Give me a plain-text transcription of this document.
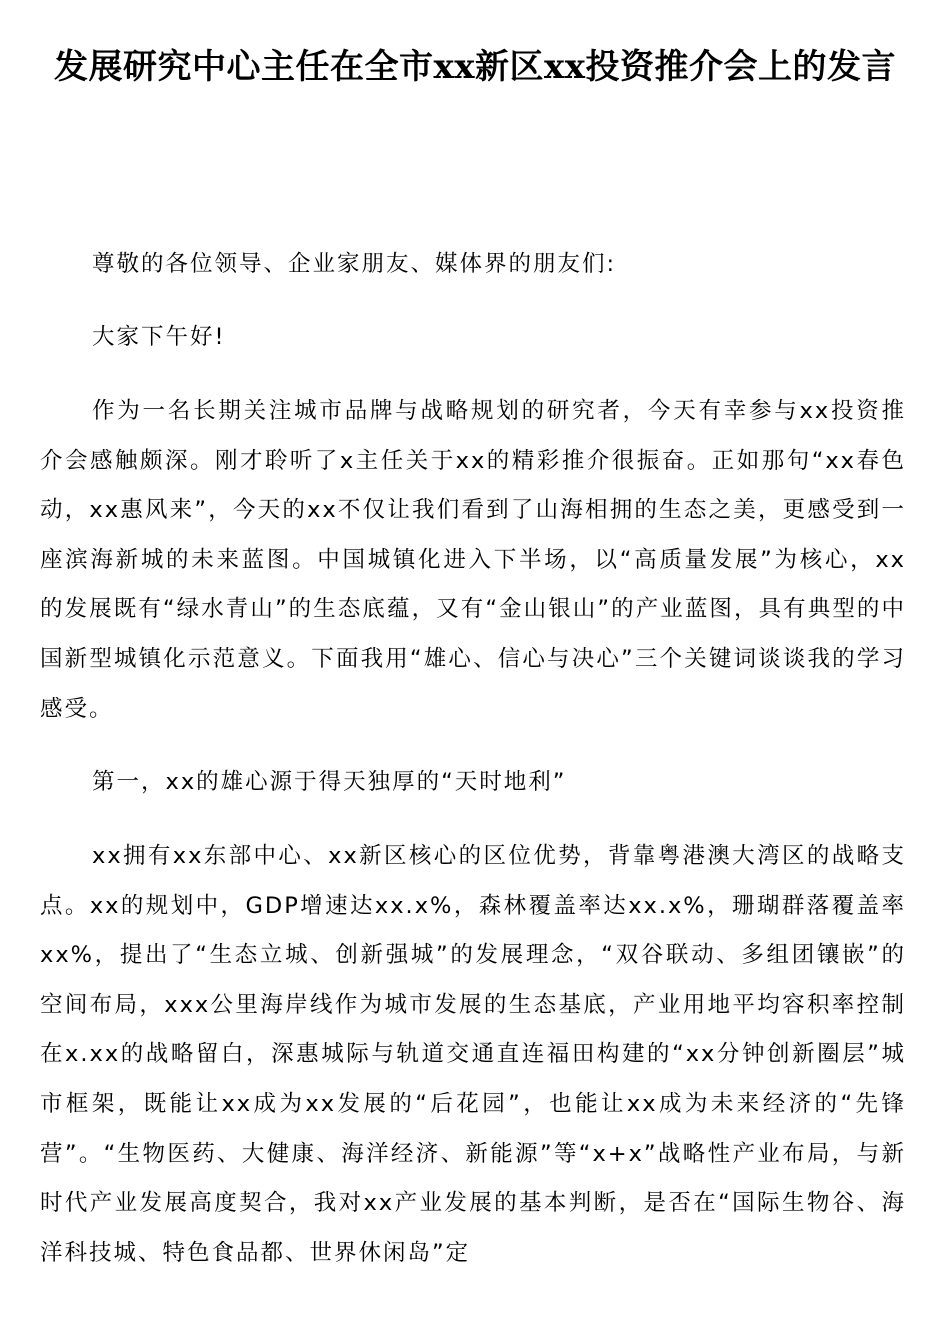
发展研究中心主任在全市xx新区xx投资推介会上的发言

尊敬的各位领导、企业家朋友、媒体界的朋友们:

大家下午好!

作为一名长期关注城市品牌与战略规划的研究者，今天有幸参与xx投资推介会感触颇深。刚才聆听了x主任关于xx的精彩推介很振奋。正如那句“xx春色动，xx惠风来”，今天的xx不仅让我们看到了山海相拥的生态之美，更感受到一座滨海新城的未来蓝图。中国城镇化进入下半场，以“高质量发展”为核心，xx的发展既有“绿水青山”的生态底蕴，又有“金山银山”的产业蓝图，具有典型的中国新型城镇化示范意义。下面我用“雄心、信心与决心”三个关键词谈谈我的学习感受。

第一，xx的雄心源于得天独厚的“天时地利”

xx拥有xx东部中心、xx新区核心的区位优势，背靠粤港澳大湾区的战略支点。xx的规划中，GDP增速达xx.x%，森林覆盖率达xx.x%，珊瑚群落覆盖率xx%，提出了“生态立城、创新强城”的发展理念，“双谷联动、多组团镶嵌”的空间布局，xxx公里海岸线作为城市发展的生态基底，产业用地平均容积率控制在x.xx的战略留白，深惠城际与轨道交通直连福田构建的“xx分钟创新圈层”城市框架，既能让xx成为xx发展的“后花园”，也能让xx成为未来经济的“先锋营”。“生物医药、大健康、海洋经济、新能源”等“x+x”战略性产业布局，与新时代产业发展高度契合，我对xx产业发展的基本判断，是否在“国际生物谷、海洋科技城、特色食品都、世界休闲岛”定
